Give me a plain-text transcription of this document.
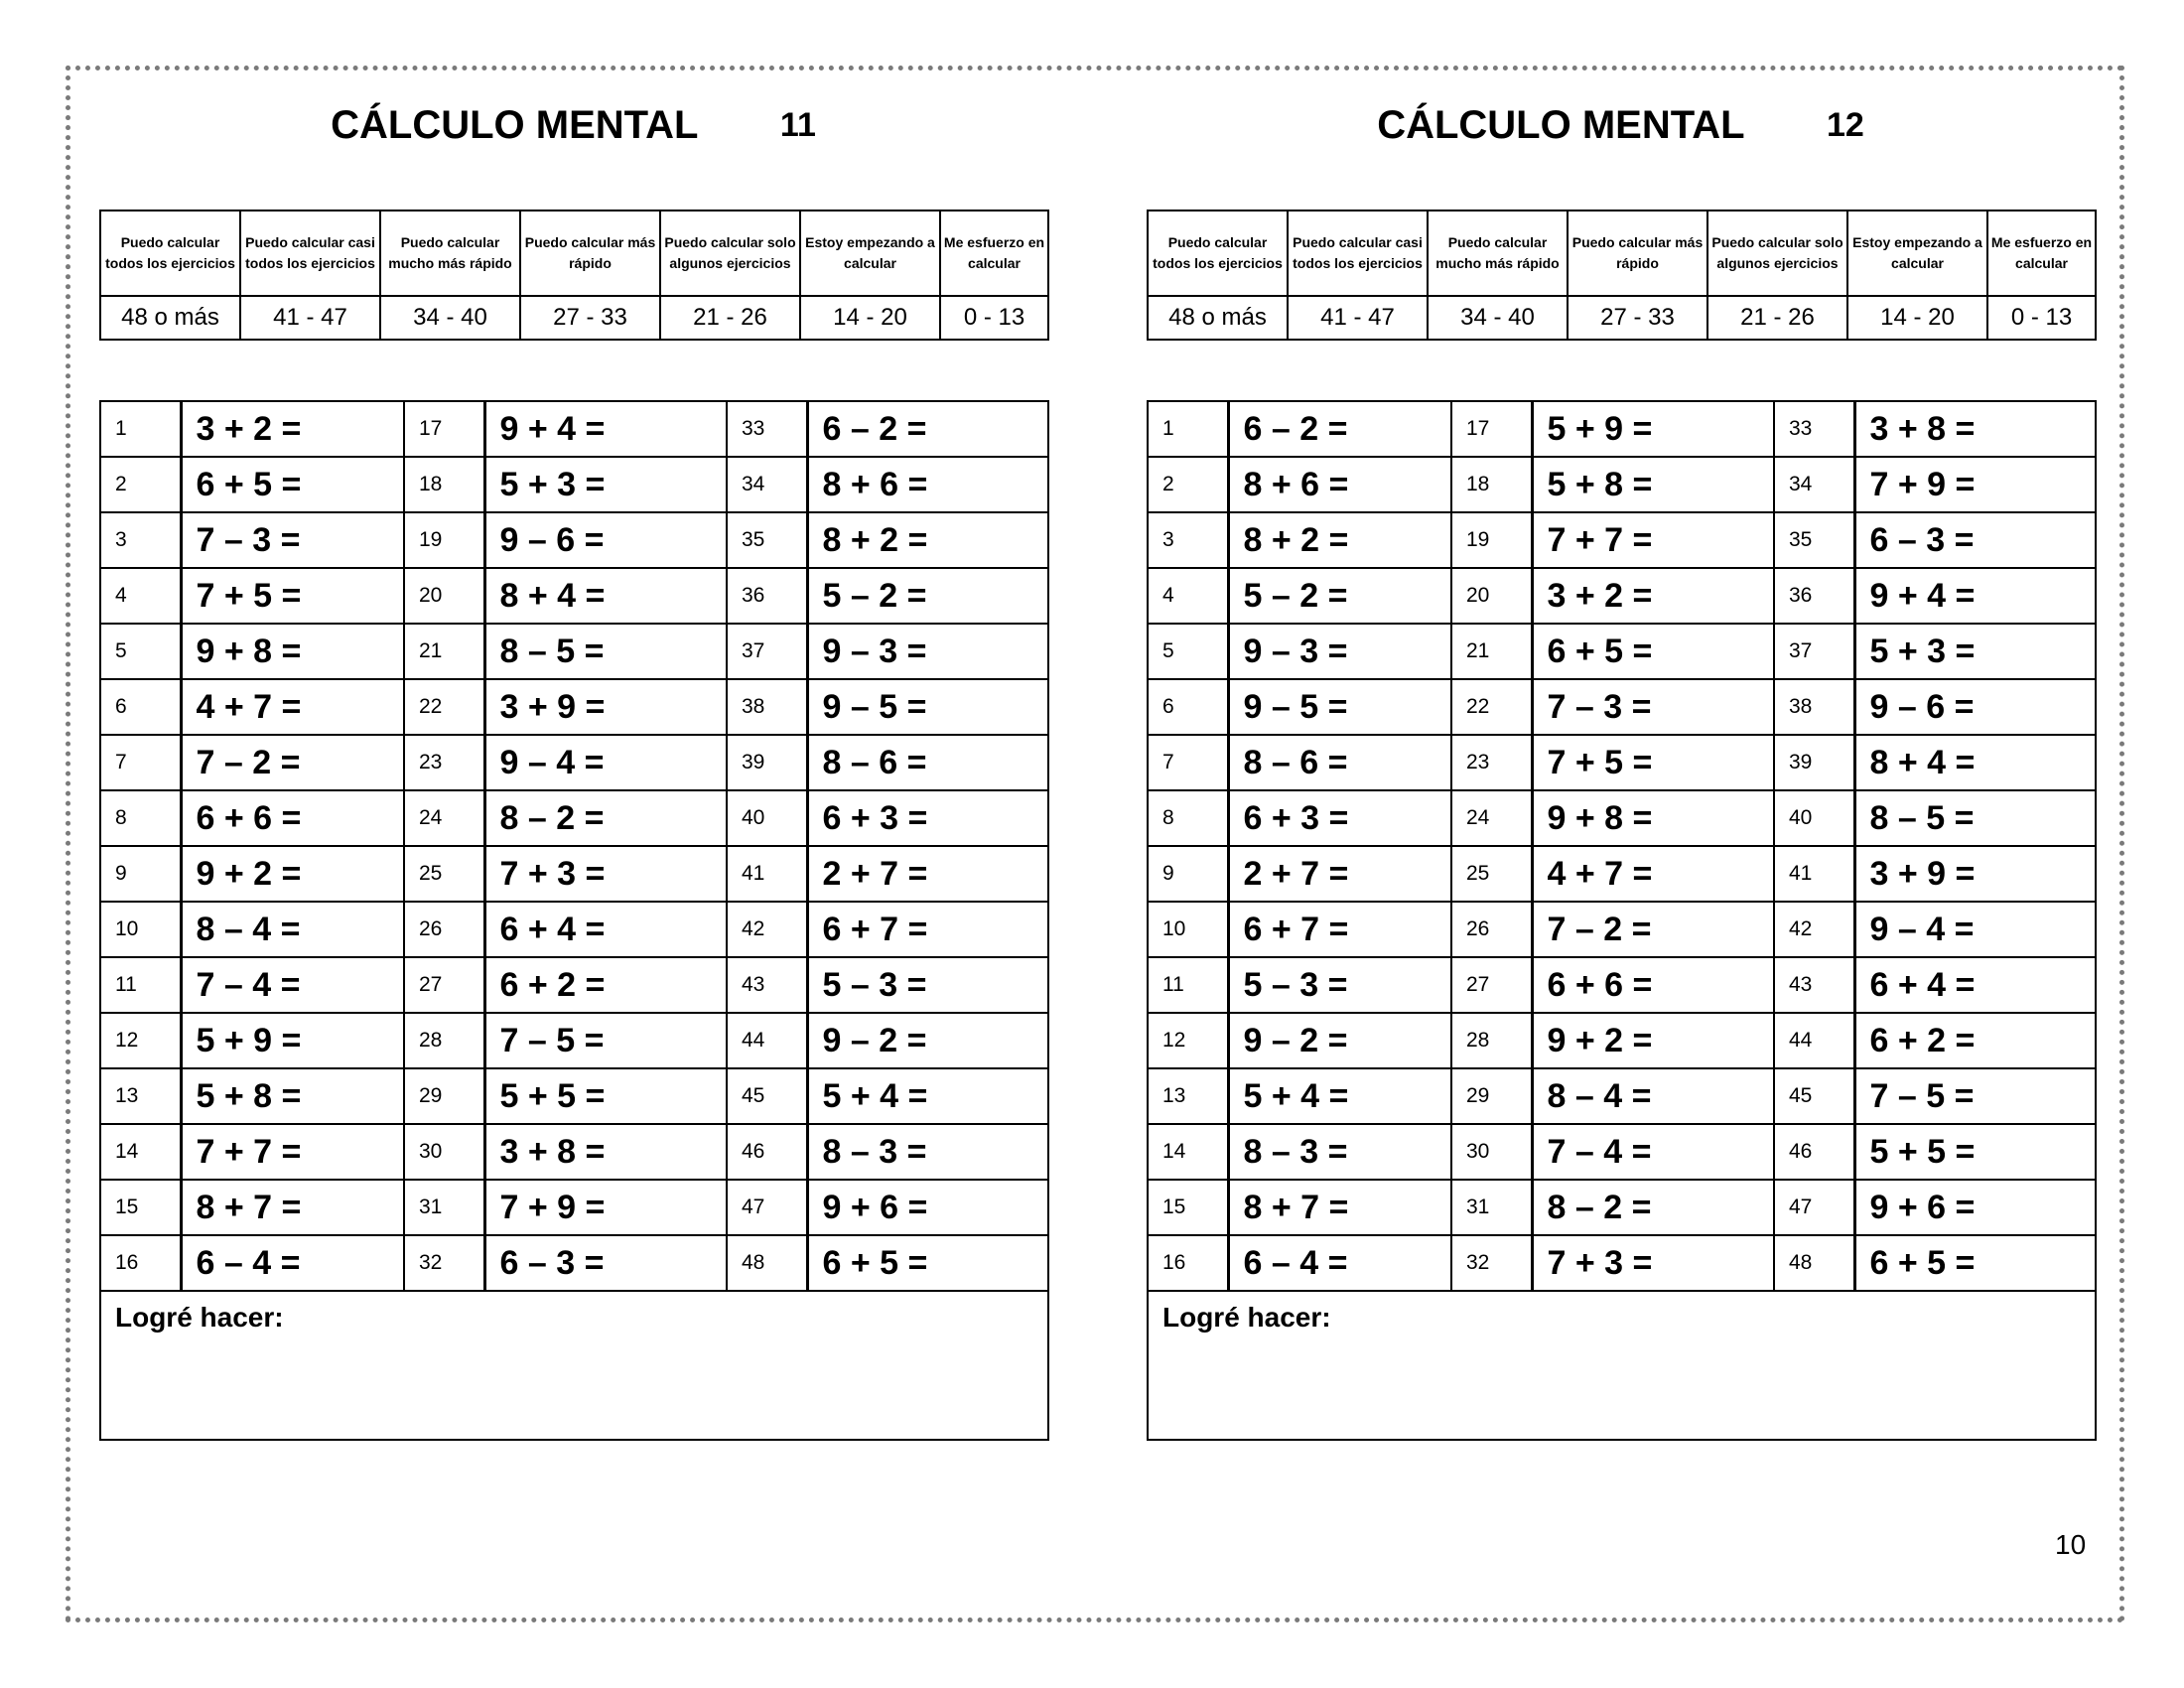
CÁLCULO MENTAL 11
Puedo calcular todos los ejercicios	Puedo calcular casi todos los ejercicios	Puedo calcular mucho más rápido	Puedo calcular más rápido	Puedo calcular solo algunos ejercicios	Estoy empezando a calcular	Me esfuerzo en calcular
48 o más	41 - 47	34 - 40	27 - 33	21 - 26	14 - 20	0 - 13
1	3 + 2 =	17	9 + 4 =	33	6 – 2 =
2	6 + 5 =	18	5 + 3 =	34	8 + 6 =
3	7 – 3 =	19	9 – 6 =	35	8 + 2 =
4	7 + 5 =	20	8 + 4 =	36	5 – 2 =
5	9 + 8 =	21	8 – 5 =	37	9 – 3 =
6	4 + 7 =	22	3 + 9 =	38	9 – 5 =
7	7 – 2 =	23	9 – 4 =	39	8 – 6 =
8	6 + 6 =	24	8 – 2 =	40	6 + 3 =
9	9 + 2 =	25	7 + 3 =	41	2 + 7 =
10	8 – 4 =	26	6 + 4 =	42	6 + 7 =
11	7 – 4 =	27	6 + 2 =	43	5 – 3 =
12	5 + 9 =	28	7 – 5 =	44	9 – 2 =
13	5 + 8 =	29	5 + 5 =	45	5 + 4 =
14	7 + 7 =	30	3 + 8 =	46	8 – 3 =
15	8 + 7 =	31	7 + 9 =	47	9 + 6 =
16	6 – 4 =	32	6 – 3 =	48	6 + 5 =
Logré hacer:					
CÁLCULO MENTAL 12
Puedo calcular todos los ejercicios	Puedo calcular casi todos los ejercicios	Puedo calcular mucho más rápido	Puedo calcular más rápido	Puedo calcular solo algunos ejercicios	Estoy empezando a calcular	Me esfuerzo en calcular
48 o más	41 - 47	34 - 40	27 - 33	21 - 26	14 - 20	0 - 13
1	6 – 2 =	17	5 + 9 =	33	3 + 8 =
2	8 + 6 =	18	5 + 8 =	34	7 + 9 =
3	8 + 2 =	19	7 + 7 =	35	6 – 3 =
4	5 – 2 =	20	3 + 2 =	36	9 + 4 =
5	9 – 3 =	21	6 + 5 =	37	5 + 3 =
6	9 – 5 =	22	7 – 3 =	38	9 – 6 =
7	8 – 6 =	23	7 + 5 =	39	8 + 4 =
8	6 + 3 =	24	9 + 8 =	40	8 – 5 =
9	2 + 7 =	25	4 + 7 =	41	3 + 9 =
10	6 + 7 =	26	7 – 2 =	42	9 – 4 =
11	5 – 3 =	27	6 + 6 =	43	6 + 4 =
12	9 – 2 =	28	9 + 2 =	44	6 + 2 =
13	5 + 4 =	29	8 – 4 =	45	7 – 5 =
14	8 – 3 =	30	7 – 4 =	46	5 + 5 =
15	8 + 7 =	31	8 – 2 =	47	9 + 6 =
16	6 – 4 =	32	7 + 3 =	48	6 + 5 =
Logré hacer:					
10
